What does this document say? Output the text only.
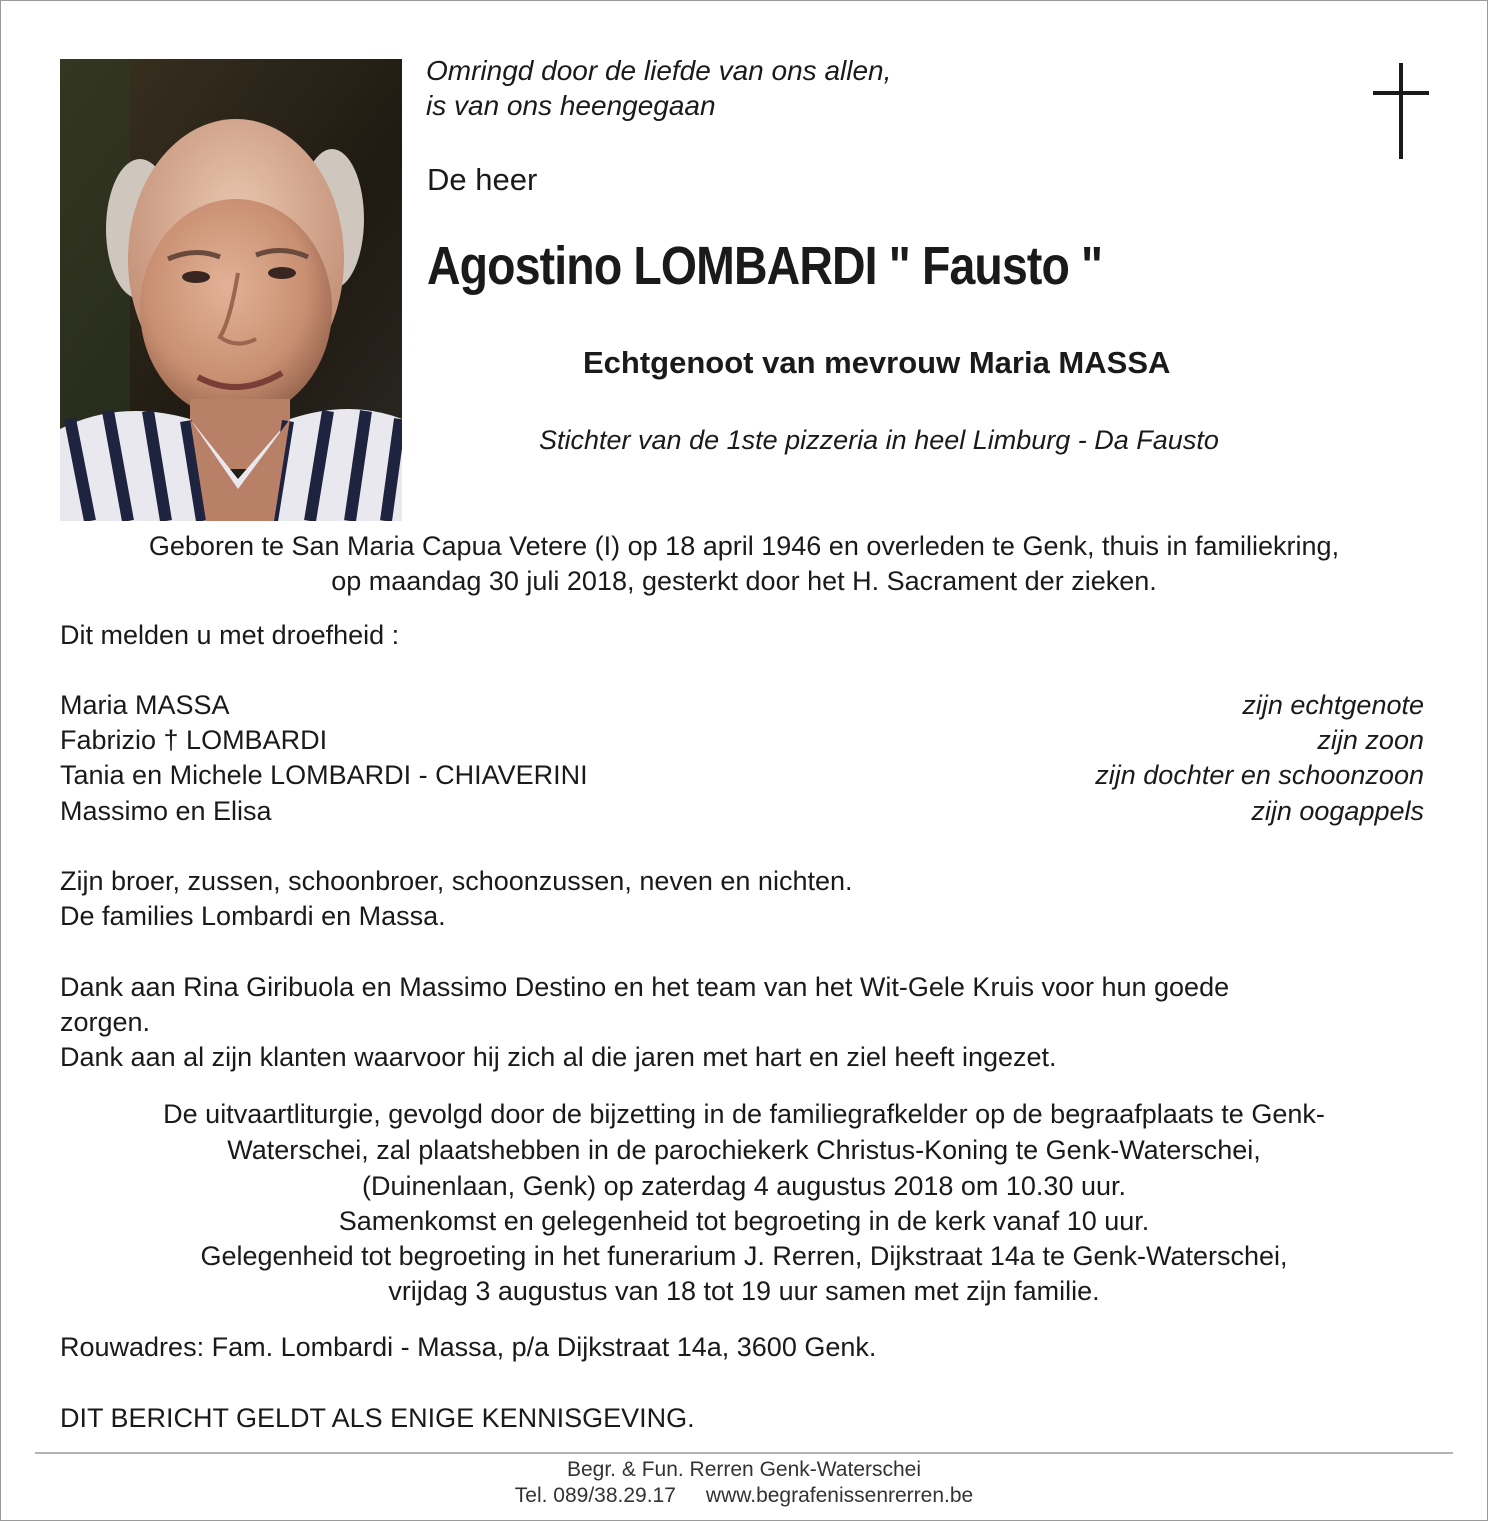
Omringd door de liefde van ons allen,
is van ons heengegaan
De heer
Agostino LOMBARDI " Fausto "
Echtgenoot van mevrouw Maria MASSA
Stichter van de 1ste pizzeria in heel Limburg - Da Fausto
Geboren te San Maria Capua Vetere (I) op 18 april 1946 en overleden te Genk, thuis in familiekring,
op maandag 30 juli 2018, gesterkt door het H. Sacrament der zieken.
Dit melden u met droefheid :
Maria MASSA	zijn echtgenote
Fabrizio † LOMBARDI	zijn zoon
Tania en Michele LOMBARDI - CHIAVERINI	zijn dochter en schoonzoon
Massimo en Elisa	zijn oogappels
Zijn broer, zussen, schoonbroer, schoonzussen, neven en nichten.
De families Lombardi en Massa.
Dank aan Rina Giribuola en Massimo Destino en het team van het Wit-Gele Kruis voor hun goede
zorgen.
Dank aan al zijn klanten waarvoor hij zich al die jaren met hart en ziel heeft ingezet.
De uitvaartliturgie, gevolgd door de bijzetting in de familiegrafkelder op de begraafplaats te Genk-
Waterschei, zal plaatshebben in de parochiekerk Christus-Koning te Genk-Waterschei,
(Duinenlaan, Genk) op zaterdag 4 augustus 2018 om 10.30 uur.
Samenkomst en gelegenheid tot begroeting in de kerk vanaf 10 uur.
Gelegenheid tot begroeting in het funerarium J. Rerren, Dijkstraat 14a te Genk-Waterschei,
vrijdag 3 augustus van 18 tot 19 uur samen met zijn familie.
Rouwadres: Fam. Lombardi - Massa, p/a Dijkstraat 14a, 3600 Genk.
DIT BERICHT GELDT ALS ENIGE KENNISGEVING.
Begr. & Fun. Rerren Genk-Waterschei
Tel. 089/38.29.17 www.begrafenissenrerren.be
